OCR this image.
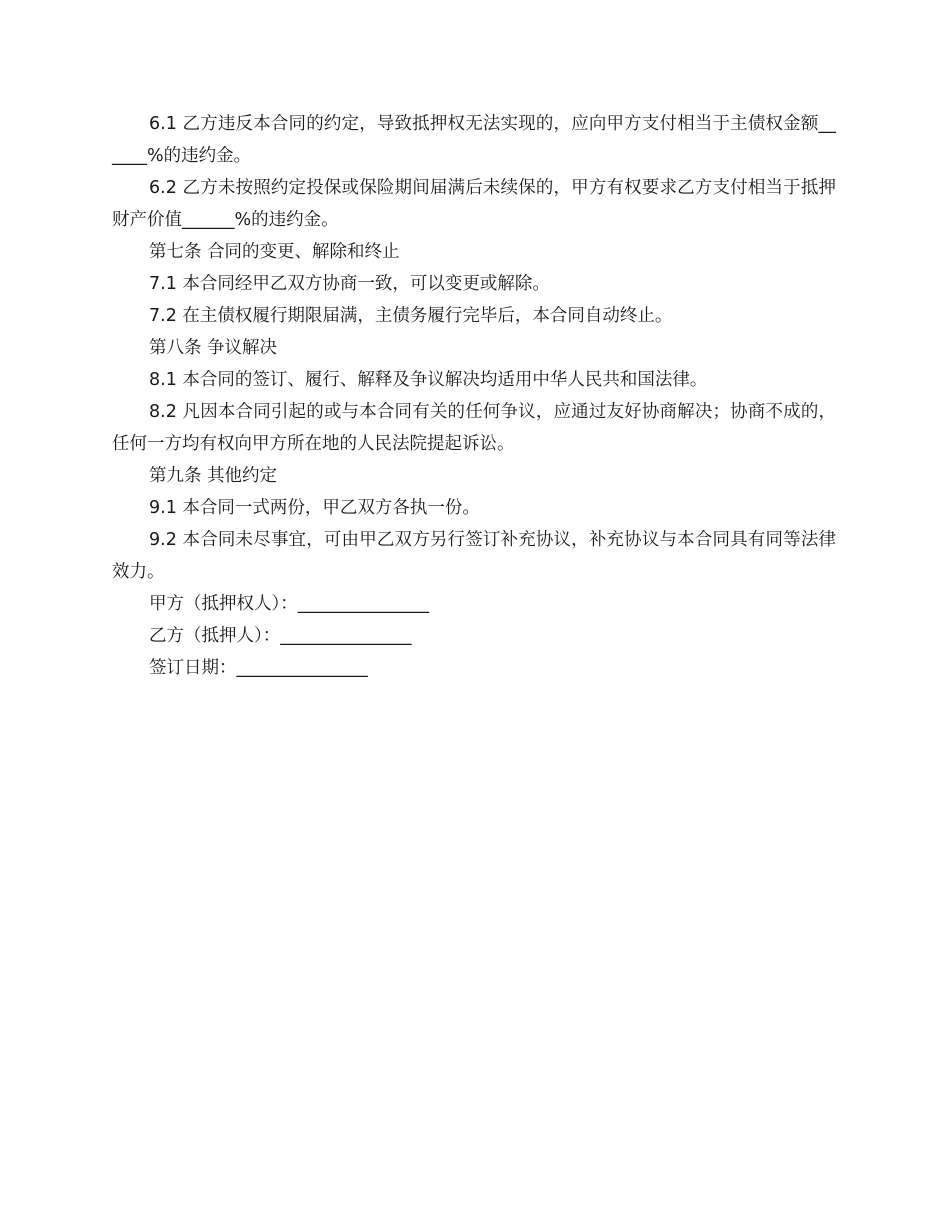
6.1 乙方违反本合同的约定，导致抵押权无法实现的，应向甲方支付相当于主债权金额______%的违约金。

6.2 乙方未按照约定投保或保险期间届满后未续保的，甲方有权要求乙方支付相当于抵押财产价值______%的违约金。

第七条 合同的变更、解除和终止

7.1 本合同经甲乙双方协商一致，可以变更或解除。

7.2 在主债权履行期限届满，主债务履行完毕后，本合同自动终止。

第八条 争议解决

8.1 本合同的签订、履行、解释及争议解决均适用中华人民共和国法律。

8.2 凡因本合同引起的或与本合同有关的任何争议，应通过友好协商解决；协商不成的，任何一方均有权向甲方所在地的人民法院提起诉讼。

第九条 其他约定

9.1 本合同一式两份，甲乙双方各执一份。

9.2 本合同未尽事宜，可由甲乙双方另行签订补充协议，补充协议与本合同具有同等法律效力。

甲方（抵押权人）：_______________

乙方（抵押人）：_______________

签订日期：_______________
